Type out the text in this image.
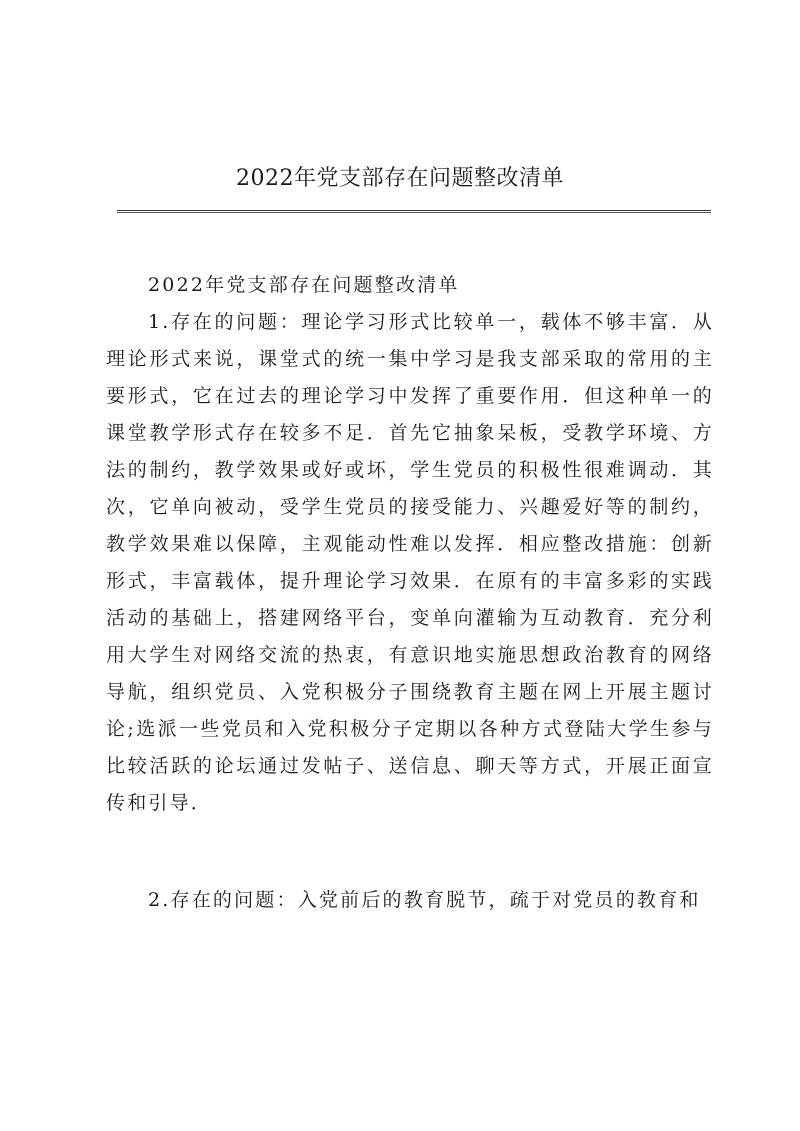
2022年党支部存在问题整改清单

2022年党支部存在问题整改清单

1.存在的问题：理论学习形式比较单一，载体不够丰富．从理论形式来说，课堂式的统一集中学习是我支部采取的常用的主要形式，它在过去的理论学习中发挥了重要作用．但这种单一的课堂教学形式存在较多不足．首先它抽象呆板，受教学环境、方法的制约，教学效果或好或坏，学生党员的积极性很难调动．其次，它单向被动，受学生党员的接受能力、兴趣爱好等的制约，教学效果难以保障，主观能动性难以发挥．相应整改措施：创新形式，丰富载体，提升理论学习效果．在原有的丰富多彩的实践活动的基础上，搭建网络平台，变单向灌输为互动教育．充分利用大学生对网络交流的热衷，有意识地实施思想政治教育的网络导航，组织党员、入党积极分子围绕教育主题在网上开展主题讨论;选派一些党员和入党积极分子定期以各种方式登陆大学生参与比较活跃的论坛通过发帖子、送信息、聊天等方式，开展正面宣传和引导．

2.存在的问题：入党前后的教育脱节，疏于对党员的教育和
